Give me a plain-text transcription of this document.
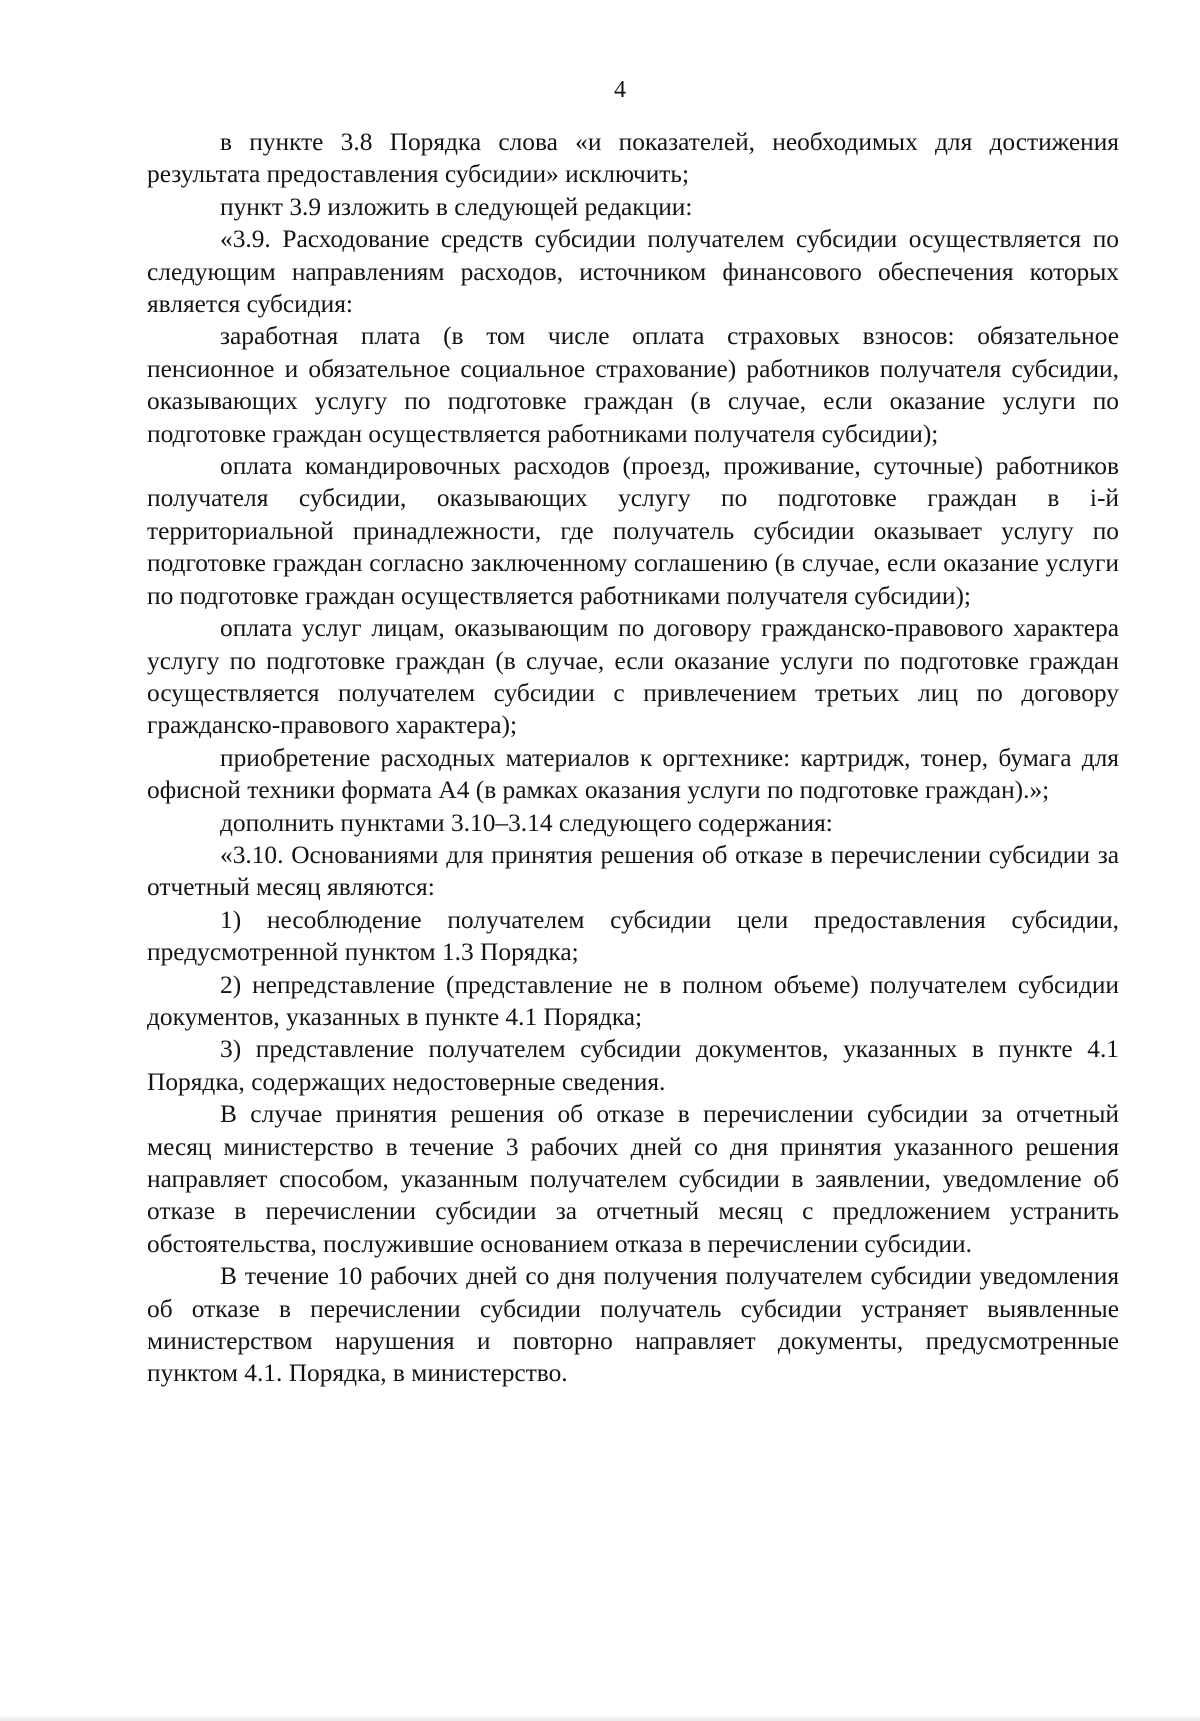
4

в пункте 3.8 Порядка слова «и показателей, необходимых для достижения результата предоставления субсидии» исключить;

пункт 3.9 изложить в следующей редакции:

«3.9. Расходование средств субсидии получателем субсидии осуществляется по следующим направлениям расходов, источником финансового обеспечения которых является субсидия:

заработная плата (в том числе оплата страховых взносов: обязательное пенсионное и обязательное социальное страхование) работников получателя субсидии, оказывающих услугу по подготовке граждан (в случае, если оказание услуги по подготовке граждан осуществляется работниками получателя субсидии);

оплата командировочных расходов (проезд, проживание, суточные) работников получателя субсидии, оказывающих услугу по подготовке граждан в i-й территориальной принадлежности, где получатель субсидии оказывает услугу по подготовке граждан согласно заключенному соглашению (в случае, если оказание услуги по подготовке граждан осуществляется работниками получателя субсидии);

оплата услуг лицам, оказывающим по договору гражданско-правового характера услугу по подготовке граждан (в случае, если оказание услуги по подготовке граждан осуществляется получателем субсидии с привлечением третьих лиц по договору гражданско-правового характера);

приобретение расходных материалов к оргтехнике: картридж, тонер, бумага для офисной техники формата А4 (в рамках оказания услуги по подготовке граждан).»;

дополнить пунктами 3.10–3.14 следующего содержания:

«3.10. Основаниями для принятия решения об отказе в перечислении субсидии за отчетный месяц являются:

1) несоблюдение получателем субсидии цели предоставления субсидии, предусмотренной пунктом 1.3 Порядка;

2) непредставление (представление не в полном объеме) получателем субсидии документов, указанных в пункте 4.1 Порядка;

3) представление получателем субсидии документов, указанных в пункте 4.1 Порядка, содержащих недостоверные сведения.

В случае принятия решения об отказе в перечислении субсидии за отчетный месяц министерство в течение 3 рабочих дней со дня принятия указанного решения направляет способом, указанным получателем субсидии в заявлении, уведомление об отказе в перечислении субсидии за отчетный месяц с предложением устранить обстоятельства, послужившие основанием отказа в перечислении субсидии.

В течение 10 рабочих дней со дня получения получателем субсидии уведомления об отказе в перечислении субсидии получатель субсидии устраняет выявленные министерством нарушения и повторно направляет документы, предусмотренные пунктом 4.1. Порядка, в министерство.
